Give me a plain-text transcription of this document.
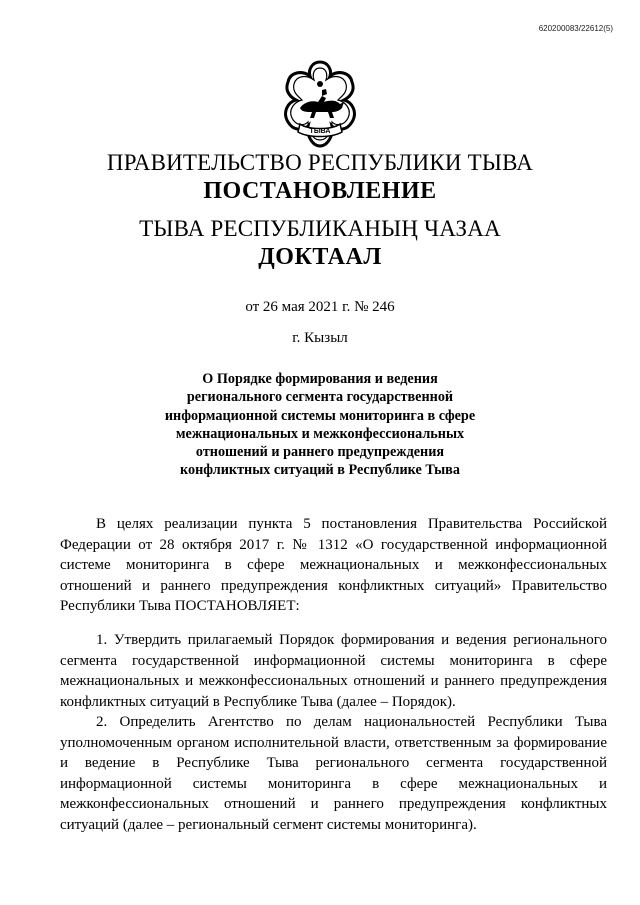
620200083/22612(5)
ТЫВА
ПРАВИТЕЛЬСТВО РЕСПУБЛИКИ ТЫВА
ПОСТАНОВЛЕНИЕ
ТЫВА РЕСПУБЛИКАНЫҢ ЧАЗАА
ДОКТААЛ
от 26 мая 2021 г. № 246
г. Кызыл
О Порядке формирования и ведения
регионального сегмента государственной
информационной системы мониторинга в сфере
межнациональных и межконфессиональных
отношений и раннего предупреждения
конфликтных ситуаций в Республике Тыва
В целях реализации пункта 5 постановления Правительства Российской Федерации от 28 октября 2017 г. № 1312 «О государственной информационной системе мониторинга в сфере межнациональных и межконфессиональных отношений и раннего предупреждения конфликтных ситуаций» Правительство Республики Тыва ПОСТАНОВЛЯЕТ:
1. Утвердить прилагаемый Порядок формирования и ведения регионального сегмента государственной информационной системы мониторинга в сфере межнациональных и межконфессиональных отношений и раннего предупреждения конфликтных ситуаций в Республике Тыва (далее – Порядок).
2. Определить Агентство по делам национальностей Республики Тыва уполномоченным органом исполнительной власти, ответственным за формирование и ведение в Республике Тыва регионального сегмента государственной информационной системы мониторинга в сфере межнациональных и межконфессиональных отношений и раннего предупреждения конфликтных ситуаций (далее – региональный сегмент системы мониторинга).
